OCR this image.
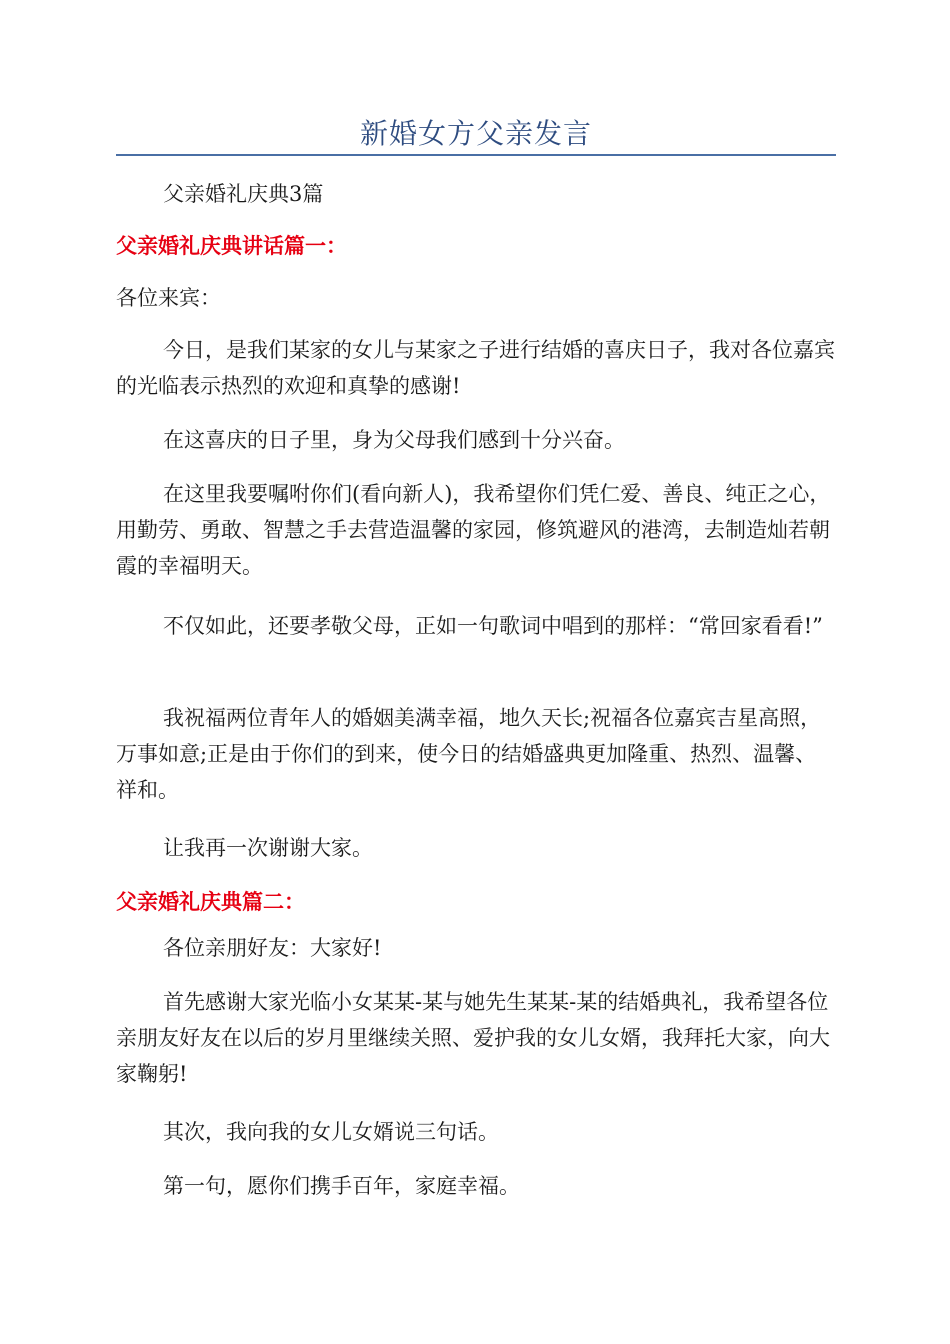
新婚女方父亲发言

父亲婚礼庆典3篇

父亲婚礼庆典讲话篇一：

各位来宾：

今日，是我们某家的女儿与某家之子进行结婚的喜庆日子，我对各位嘉宾的光临表示热烈的欢迎和真挚的感谢!

在这喜庆的日子里，身为父母我们感到十分兴奋。

在这里我要嘱咐你们(看向新人)，我希望你们凭仁爱、善良、纯正之心，用勤劳、勇敢、智慧之手去营造温馨的家园，修筑避风的港湾，去制造灿若朝霞的幸福明天。

不仅如此，还要孝敬父母，正如一句歌词中唱到的那样：“常回家看看!”

我祝福两位青年人的婚姻美满幸福，地久天长;祝福各位嘉宾吉星高照，万事如意;正是由于你们的到来，使今日的结婚盛典更加隆重、热烈、温馨、祥和。

让我再一次谢谢大家。

父亲婚礼庆典篇二：

各位亲朋好友：大家好!

首先感谢大家光临小女某某-某与她先生某某-某的结婚典礼，我希望各位亲朋友好友在以后的岁月里继续关照、爱护我的女儿女婿，我拜托大家，向大家鞠躬!

其次，我向我的女儿女婿说三句话。

第一句，愿你们携手百年，家庭幸福。
